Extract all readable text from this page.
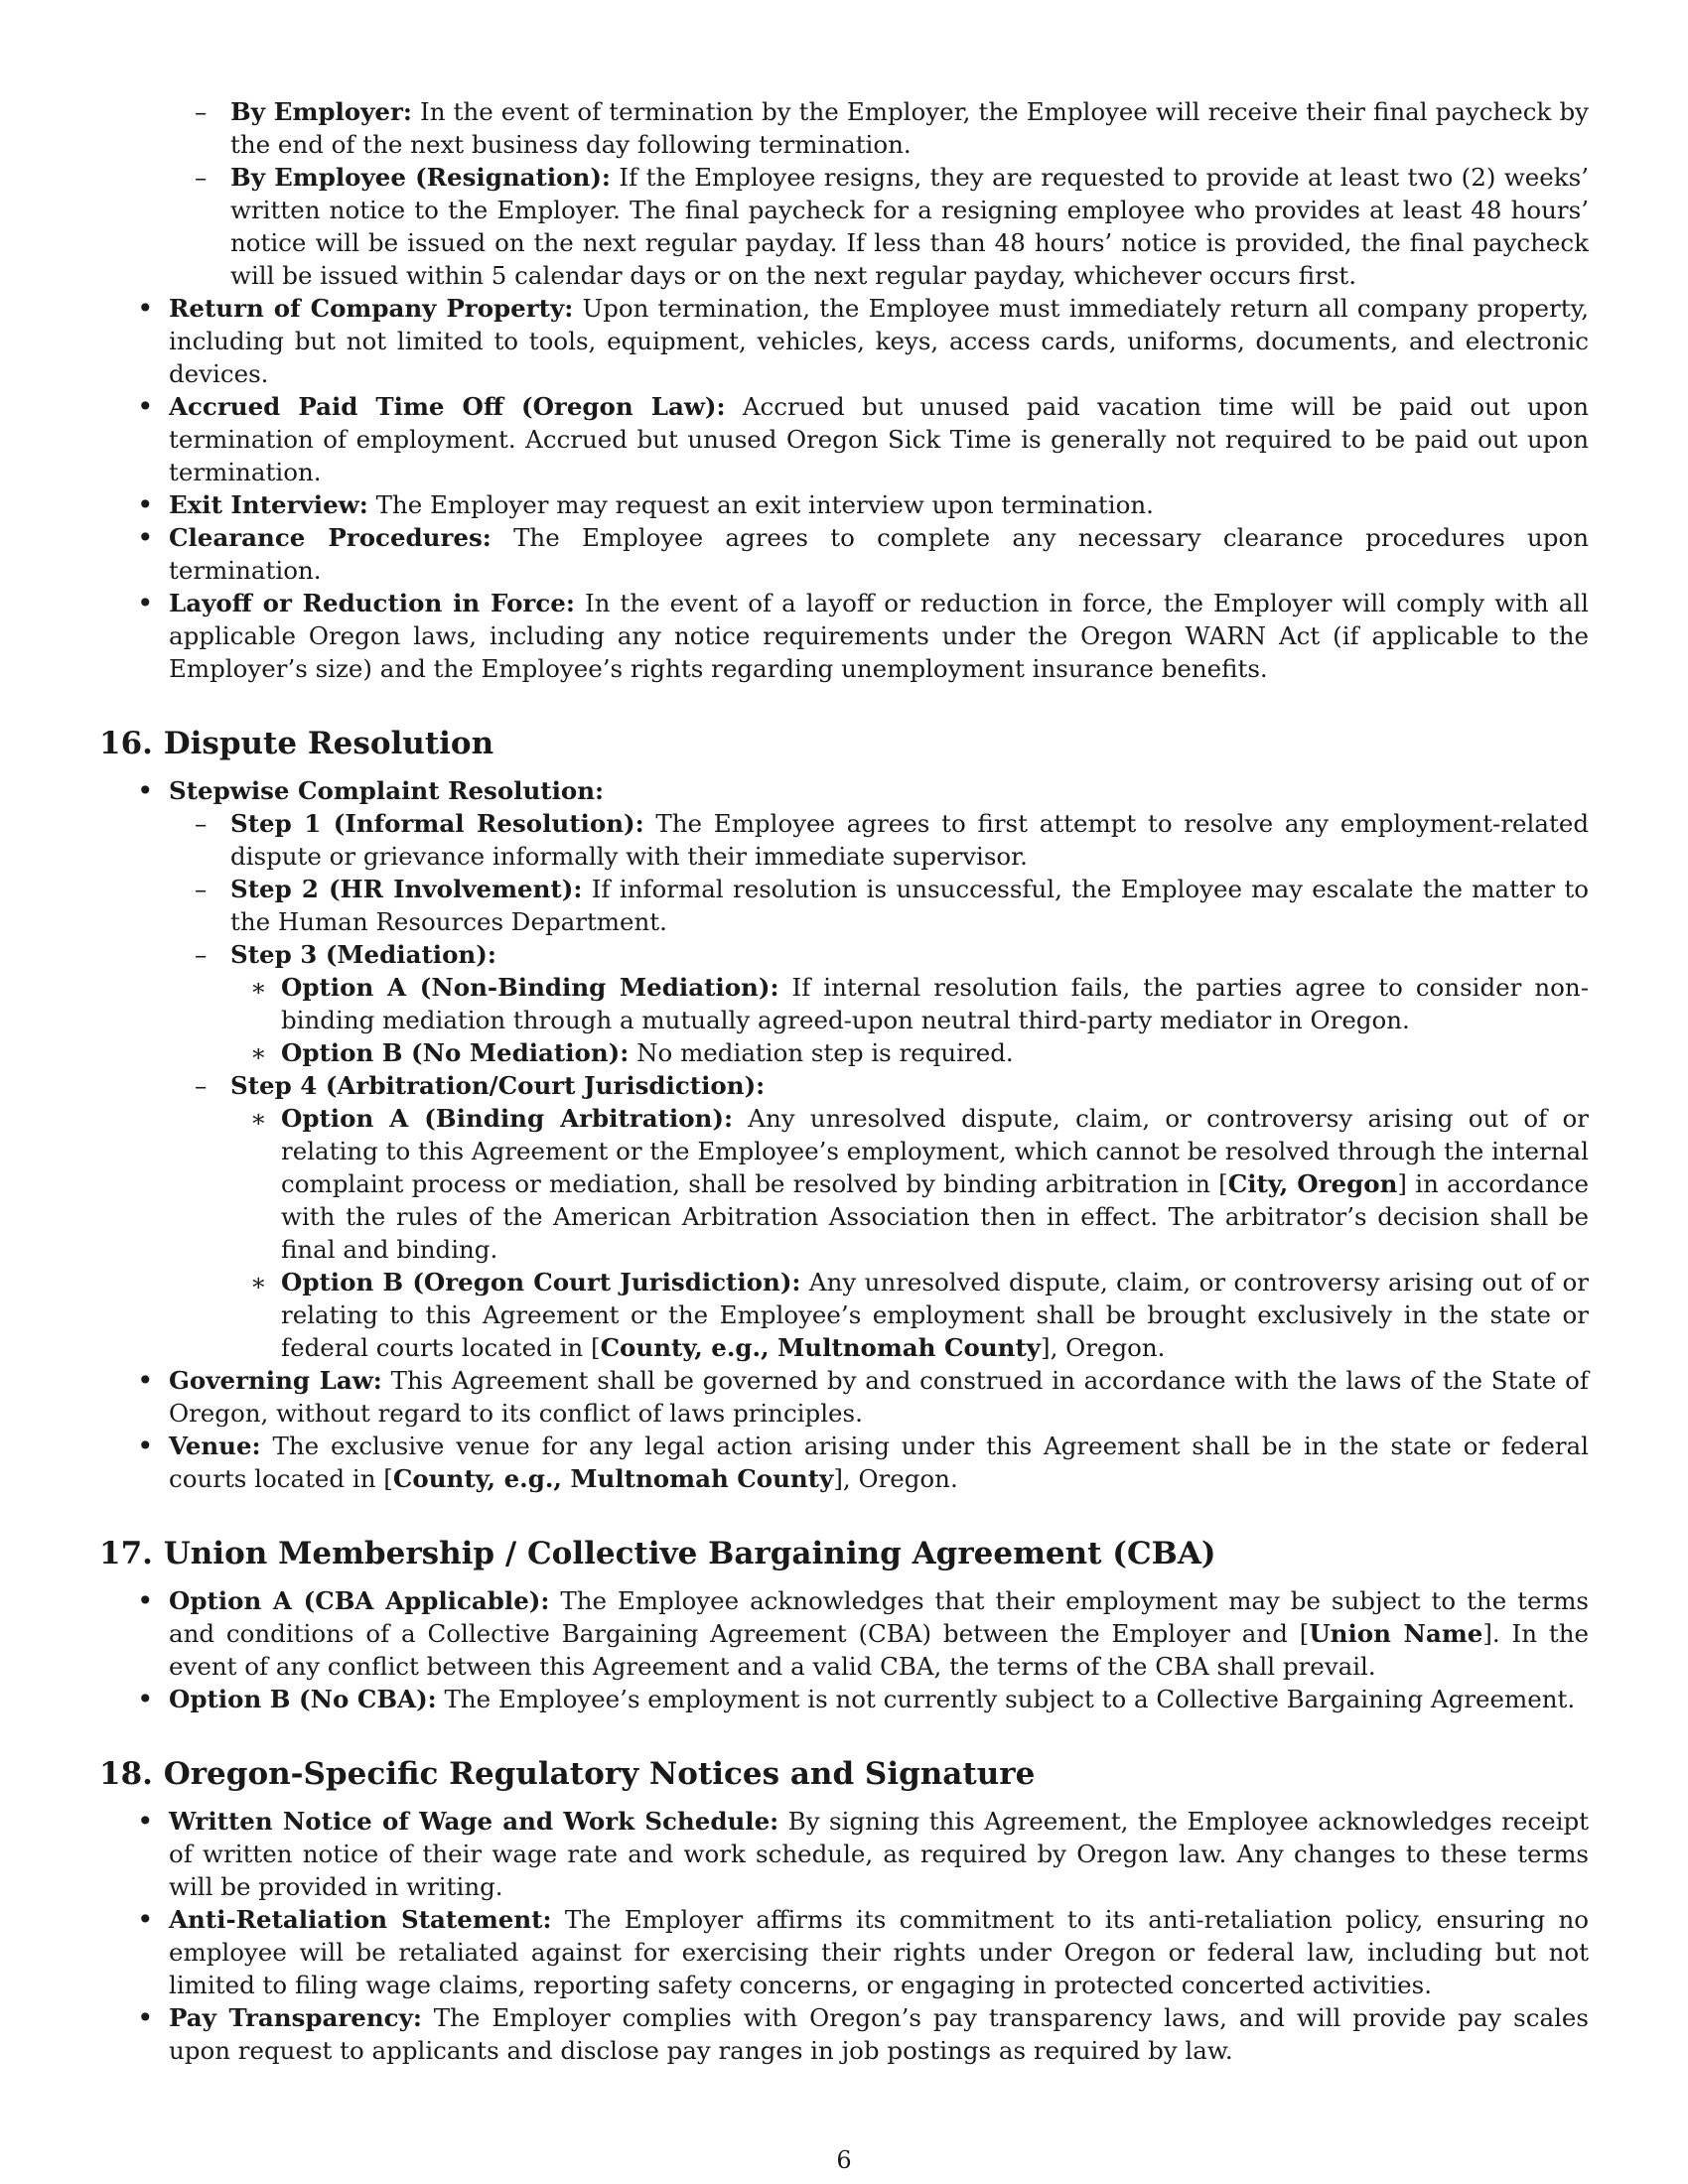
– By Employer: In the event of termination by the Employer, the Employee will receive their final paycheck by the end of the next business day following termination.
– By Employee (Resignation): If the Employee resigns, they are requested to provide at least two (2) weeks’ written notice to the Employer. The final paycheck for a resigning employee who provides at least 48 hours’ notice will be issued on the next regular payday. If less than 48 hours’ notice is provided, the final paycheck will be issued within 5 calendar days or on the next regular payday, whichever occurs first.
• Return of Company Property: Upon termination, the Employee must immediately return all company property, including but not limited to tools, equipment, vehicles, keys, access cards, uniforms, documents, and electronic devices.
• Accrued Paid Time Off (Oregon Law): Accrued but unused paid vacation time will be paid out upon termination of employment. Accrued but unused Oregon Sick Time is generally not required to be paid out upon termination.
• Exit Interview: The Employer may request an exit interview upon termination.
• Clearance Procedures: The Employee agrees to complete any necessary clearance procedures upon termination.
• Layoff or Reduction in Force: In the event of a layoff or reduction in force, the Employer will comply with all applicable Oregon laws, including any notice requirements under the Oregon WARN Act (if applicable to the Employer’s size) and the Employee’s rights regarding unemployment insurance benefits.
16. Dispute Resolution
• Stepwise Complaint Resolution:
– Step 1 (Informal Resolution): The Employee agrees to first attempt to resolve any employment-related dispute or grievance informally with their immediate supervisor.
– Step 2 (HR Involvement): If informal resolution is unsuccessful, the Employee may escalate the matter to the Human Resources Department.
– Step 3 (Mediation):
∗ Option A (Non-Binding Mediation): If internal resolution fails, the parties agree to consider non-binding mediation through a mutually agreed-upon neutral third-party mediator in Oregon.
∗ Option B (No Mediation): No mediation step is required.
– Step 4 (Arbitration/Court Jurisdiction):
∗ Option A (Binding Arbitration): Any unresolved dispute, claim, or controversy arising out of or relating to this Agreement or the Employee’s employment, which cannot be resolved through the internal complaint process or mediation, shall be resolved by binding arbitration in [City, Oregon] in accordance with the rules of the American Arbitration Association then in effect. The arbitrator’s decision shall be final and binding.
∗ Option B (Oregon Court Jurisdiction): Any unresolved dispute, claim, or controversy arising out of or relating to this Agreement or the Employee’s employment shall be brought exclusively in the state or federal courts located in [County, e.g., Multnomah County], Oregon.
• Governing Law: This Agreement shall be governed by and construed in accordance with the laws of the State of Oregon, without regard to its conflict of laws principles.
• Venue: The exclusive venue for any legal action arising under this Agreement shall be in the state or federal courts located in [County, e.g., Multnomah County], Oregon.
17. Union Membership / Collective Bargaining Agreement (CBA)
• Option A (CBA Applicable): The Employee acknowledges that their employment may be subject to the terms and conditions of a Collective Bargaining Agreement (CBA) between the Employer and [Union Name]. In the event of any conflict between this Agreement and a valid CBA, the terms of the CBA shall prevail.
• Option B (No CBA): The Employee’s employment is not currently subject to a Collective Bargaining Agreement.
18. Oregon-Specific Regulatory Notices and Signature
• Written Notice of Wage and Work Schedule: By signing this Agreement, the Employee acknowledges receipt of written notice of their wage rate and work schedule, as required by Oregon law. Any changes to these terms will be provided in writing.
• Anti-Retaliation Statement: The Employer affirms its commitment to its anti-retaliation policy, ensuring no employee will be retaliated against for exercising their rights under Oregon or federal law, including but not limited to filing wage claims, reporting safety concerns, or engaging in protected concerted activities.
• Pay Transparency: The Employer complies with Oregon’s pay transparency laws, and will provide pay scales upon request to applicants and disclose pay ranges in job postings as required by law.
6
